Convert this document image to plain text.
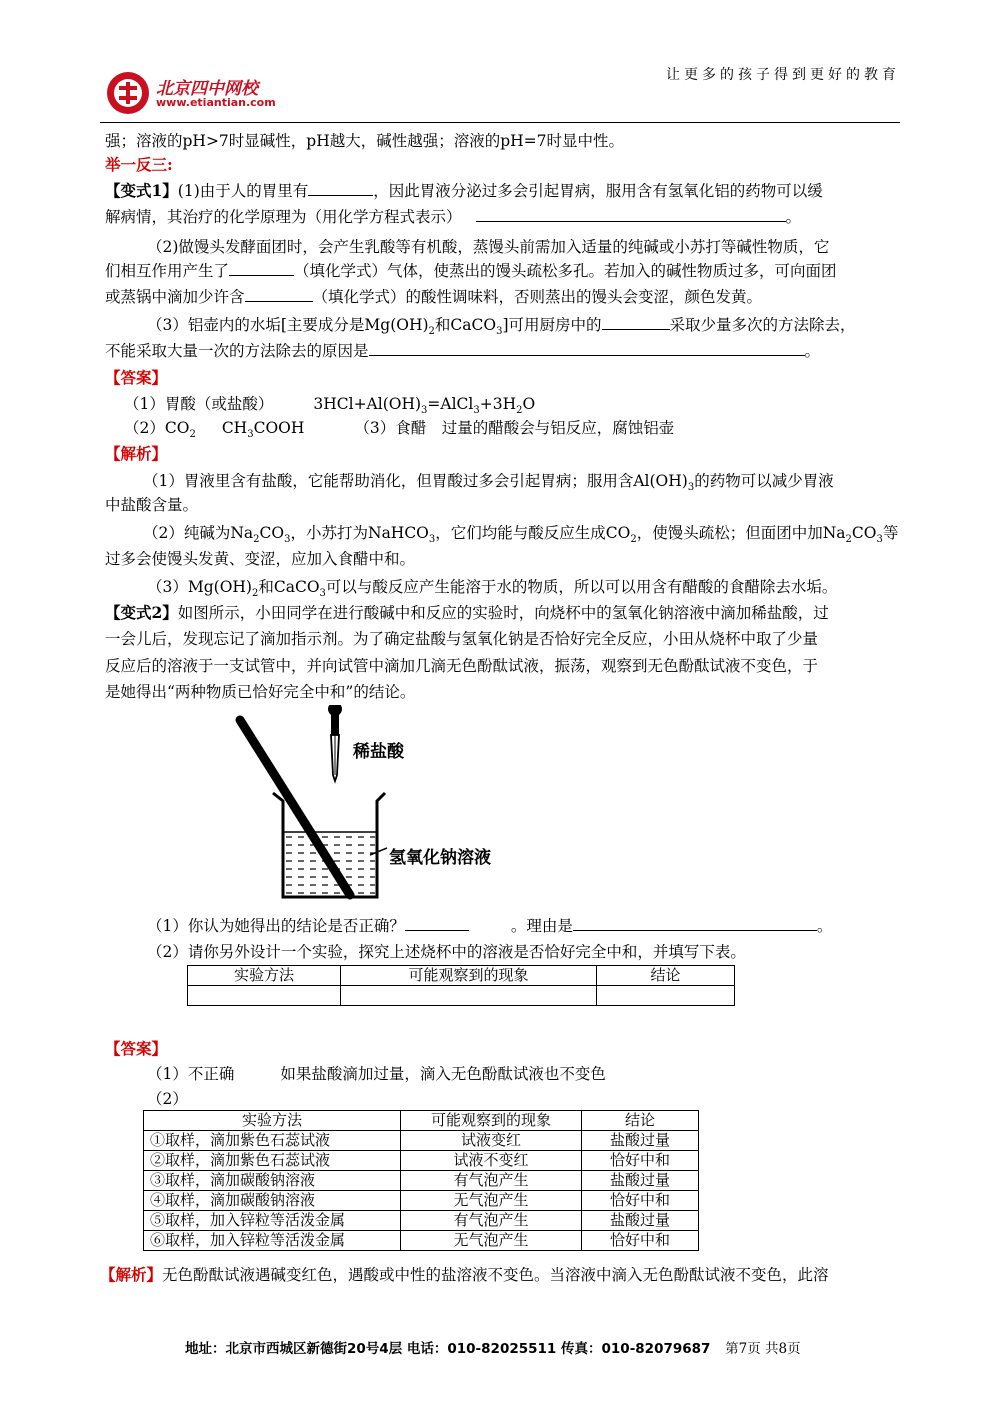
北京四中网校
www.etiantian.com
让更多的孩子得到更好的教育
强；溶液的pH>7时显碱性，pH越大，碱性越强；溶液的pH=7时显中性。
举一反三:
【变式1】(1)由于人的胃里有	，因此胃液分泌过多会引起胃病，服用含有氢氧化铝的药物可以缓
解病情，其治疗的化学原理为（用化学方程式表示）	。
（2)做馒头发酵面团时，会产生乳酸等有机酸，蒸馒头前需加入适量的纯碱或小苏打等碱性物质，它
们相互作用产生了	（填化学式）气体，使蒸出的馒头疏松多孔。若加入的碱性物质过多，可向面团
或蒸锅中滴加少许含	（填化学式）的酸性调味料，否则蒸出的馒头会变涩，颜色发黄。
（3）铝壶内的水垢[主要成分是$Mg(OH)_2$和CaCO$_3$]可用厨房中的	采取少量多次的方法除去，
不能采取大量一次的方法除去的原因是	。
【答案】
（1）胃酸（或盐酸）	$3HCl+Al(OH)_3=AlCl_3+3H_2O$
$(2)CO_2$ $CH_3COOH$	（3）食醋　过量的醋酸会与铝反应，腐蚀铝壶
【解析】
（1）胃液里含有盐酸，它能帮助消化，但胃酸过多会引起胃病；服用含$Al(OH)_3$的药物可以减少胃液
中盐酸含量。
（2）纯碱为$Na_2CO_3$，小苏打为NaHCO$_3$，它们均能与酸反应生成$CO_2$，使馒头疏松；但面团中加$Na_2CO_3$等
过多会使馒头发黄、变涩，应加入食醋中和。
$(3)Mg(OH)_2$和CaCO$_3$可以与酸反应产生能溶于水的物质，所以可以用含有醋酸的食醋除去水垢。
【变式2】如图所示，小田同学在进行酸碱中和反应的实验时，向烧杯中的氢氧化钠溶液中滴加稀盐酸，过
一会儿后，发现忘记了滴加指示剂。为了确定盐酸与氢氧化钠是否恰好完全反应，小田从烧杯中取了少量
反应后的溶液于一支试管中，并向试管中滴加几滴无色酚酞试液，振荡，观察到无色酚酞试液不变色，于
是她得出“两种物质已恰好完全中和”的结论。
稀盐酸
氢氧化钠溶液
（1）你认为她得出的结论是否正确？	。理由是	。
（2）请你另外设计一个实验，探究上述烧杯中的溶液是否恰好完全中和，并填写下表。
实验方法	可能观察到的现象	结论

【答案】
（1）不正确	如果盐酸滴加过量，滴入无色酚酞试液也不变色
（2）
实验方法	可能观察到的现象	结论
①取样，滴加紫色石蕊试液	试液变红	盐酸过量
②取样，滴加紫色石蕊试液	试液不变红	恰好中和
③取样，滴加碳酸钠溶液	有气泡产生	盐酸过量
④取样，滴加碳酸钠溶液	无气泡产生	恰好中和
⑤取样，加入锌粒等活泼金属	有气泡产生	盐酸过量
⑥取样，加入锌粒等活泼金属	无气泡产生	恰好中和
【解析】无色酚酞试液遇碱变红色，遇酸或中性的盐溶液不变色。当溶液中滴入无色酚酞试液不变色，此溶
地址：北京市西城区新德街20号4层 电话：010-82025511 传真：010-82079687 第7页 共8页
